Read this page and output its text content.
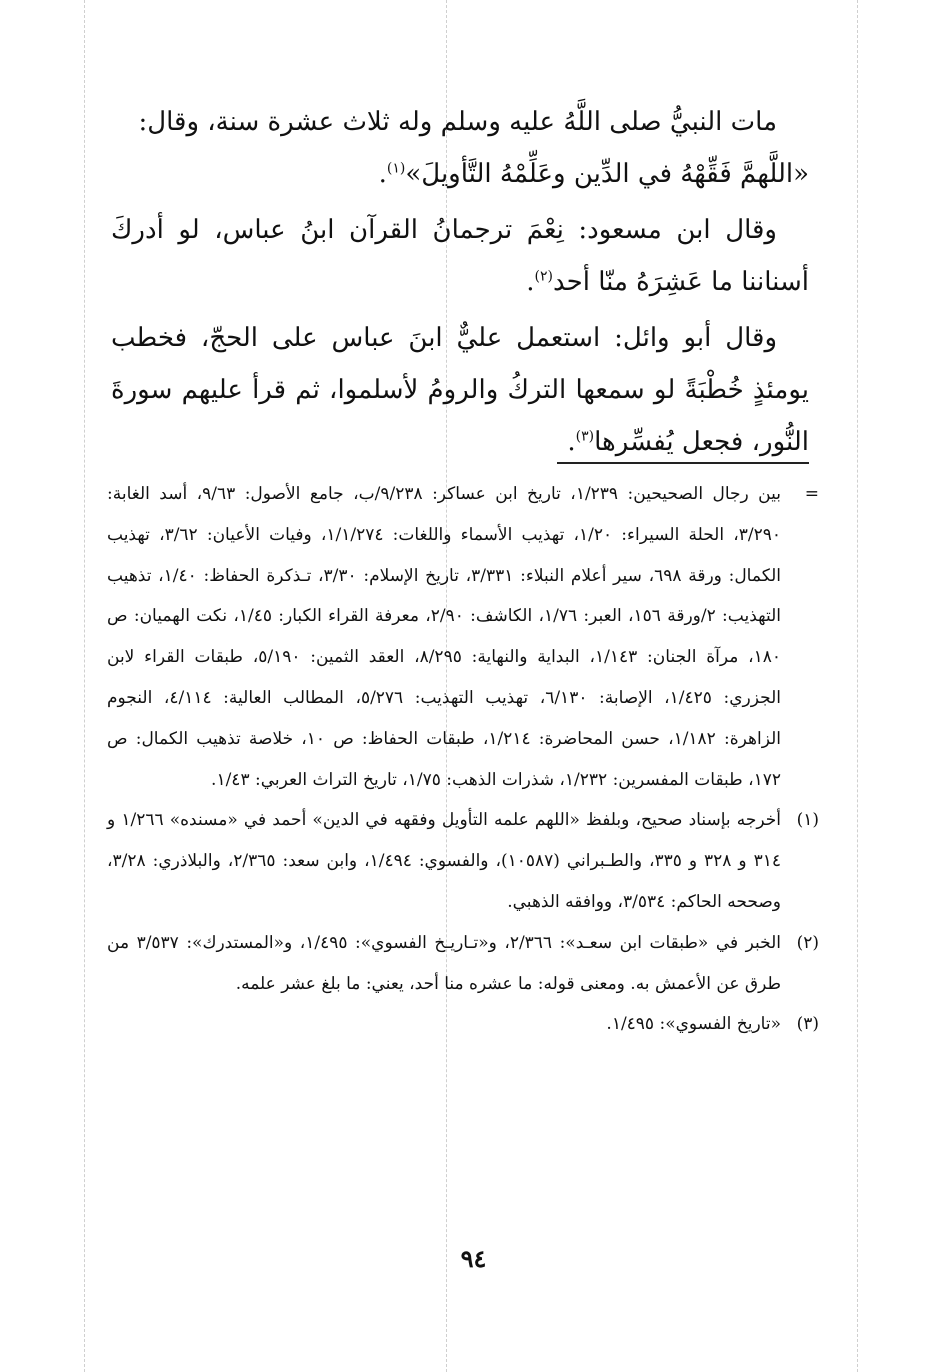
مات النبيُّ صلى اللَّهُ عليه وسلم وله ثلاث عشرة سنة، وقال:
«اللَّهمَّ فَقِّهْهُ في الدِّين وعَلِّمْهُ التَّأويلَ»$^{(١)}$.

وقال ابن مسعود: نِعْمَ ترجمانُ القرآن ابنُ عباس، لو أدركَ أسناننا ما عَشِرَهُ منّا أحد$^{(٢)}$.

وقال أبو وائل: استعمل عليٌّ ابنَ عباس على الحجّ، فخطب يومئذٍ خُطْبَةً لو سمعها التركُ والرومُ لأسلموا، ثم قرأ عليهم سورةَ النُّور، فجعل يُفسِّرها$^{(٣)}$.

=
بين رجال الصحيحين: ١/٢٣٩، تاريخ ابن عساكر: ٩/٢٣٨/ب، جامع الأصول: ٩/٦٣، أسد الغابة: ٣/٢٩٠، الحلة السيراء: ١/٢٠، تهذيب الأسماء واللغات: ١/١/٢٧٤، وفيات الأعيان: ٣/٦٢، تهذيب الكمال: ورقة ٦٩٨، سير أعلام النبلاء: ٣/٣٣١، تاريخ الإسلام: ٣/٣٠، تـذكرة الحفاظ: ١/٤٠، تذهيب التهذيب: ٢/ورقة ١٥٦، العبر: ١/٧٦، الكاشف: ٢/٩٠، معرفة القراء الكبار: ١/٤٥، نكت الهميان: ص ١٨٠، مرآة الجنان: ١/١٤٣، البداية والنهاية: ٨/٢٩٥، العقد الثمين: ٥/١٩٠، طبقات القراء لابن الجزري: ١/٤٢٥، الإصابة: ٦/١٣٠، تهذيب التهذيب: ٥/٢٧٦، المطالب العالية: ٤/١١٤، النجوم الزاهرة: ١/١٨٢، حسن المحاضرة: ١/٢١٤، طبقات الحفاظ: ص ١٠، خلاصة تذهيب الكمال: ص ١٧٢، طبقات المفسرين: ١/٢٣٢، شذرات الذهب: ١/٧٥، تاريخ التراث العربي: ١/٤٣.
(١)
أخرجه بإسناد صحيح، وبلفظ «اللهم علمه التأويل وفقهه في الدين» أحمد في «مسنده» ١/٢٦٦ و ٣١٤ و ٣٢٨ و ٣٣٥، والطـبراني (١٠٥٨٧)، والفسوي: ١/٤٩٤، وابن سعد: ٢/٣٦٥، والبلاذري: ٣/٢٨، وصححه الحاكم: ٣/٥٣٤، ووافقه الذهبي.
(٢)
الخبر في «طبقات ابن سعـد»: ٢/٣٦٦، و«تـاريـخ الفسوي»: ١/٤٩٥، و«المستدرك»: ٣/٥٣٧ من طرق عن الأعمش به. ومعنى قوله: ما عشره منا أحد، يعني: ما بلغ عشر علمه.
(٣)
«تاريخ الفسوي»: ١/٤٩٥.
٩٤
